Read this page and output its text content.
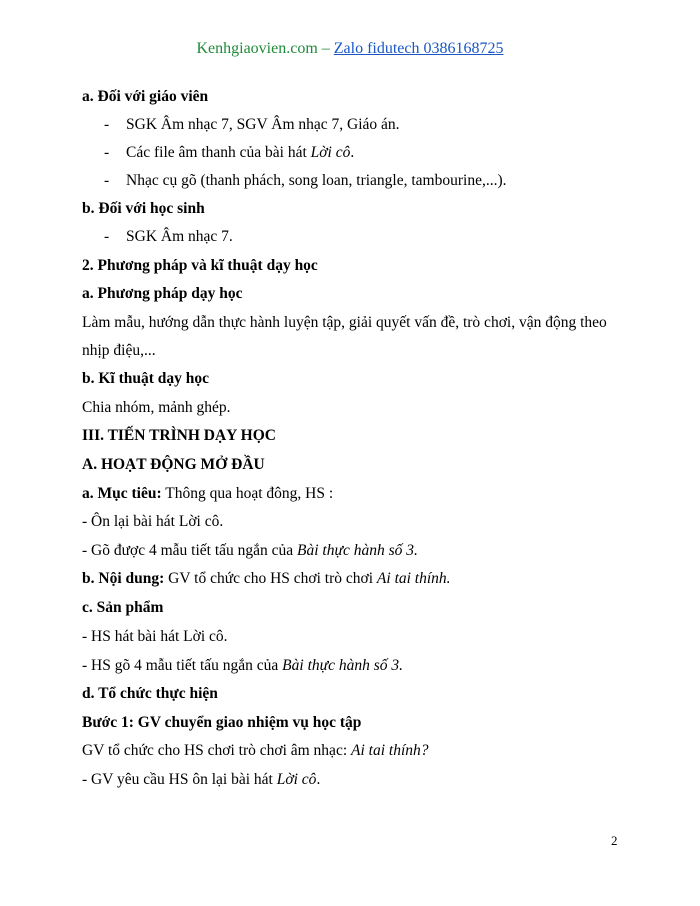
Kenhgiaovien.com – Zalo fidutech 0386168725
a. Đối với giáo viên
- SGK Âm nhạc 7, SGV Âm nhạc 7, Giáo án.
- Các file âm thanh của bài hát Lời cô.
- Nhạc cụ gõ (thanh phách, song loan, triangle, tambourine,...).
b. Đối với học sinh
- SGK Âm nhạc 7.
2. Phương pháp và kĩ thuật dạy học
a. Phương pháp dạy học
Làm mẫu, hướng dẫn thực hành luyện tập, giải quyết vấn đề, trò chơi, vận động theo
nhịp điệu,...
b. Kĩ thuật dạy học
Chia nhóm, mảnh ghép.
III. TIẾN TRÌNH DẠY HỌC
A. HOẠT ĐỘNG MỞ ĐẦU
a. Mục tiêu: Thông qua hoạt đông, HS :
- Ôn lại bài hát Lời cô.
- Gõ được 4 mẫu tiết tấu ngắn của Bài thực hành số 3.
b. Nội dung: GV tổ chức cho HS chơi trò chơi Ai tai thính.
c. Sản phẩm
- HS hát bài hát Lời cô.
- HS gõ 4 mẫu tiết tấu ngắn của Bài thực hành số 3.
d. Tổ chức thực hiện
Bước 1: GV chuyển giao nhiệm vụ học tập
GV tổ chức cho HS chơi trò chơi âm nhạc: Ai tai thính?
- GV yêu cầu HS ôn lại bài hát Lời cô.
2
